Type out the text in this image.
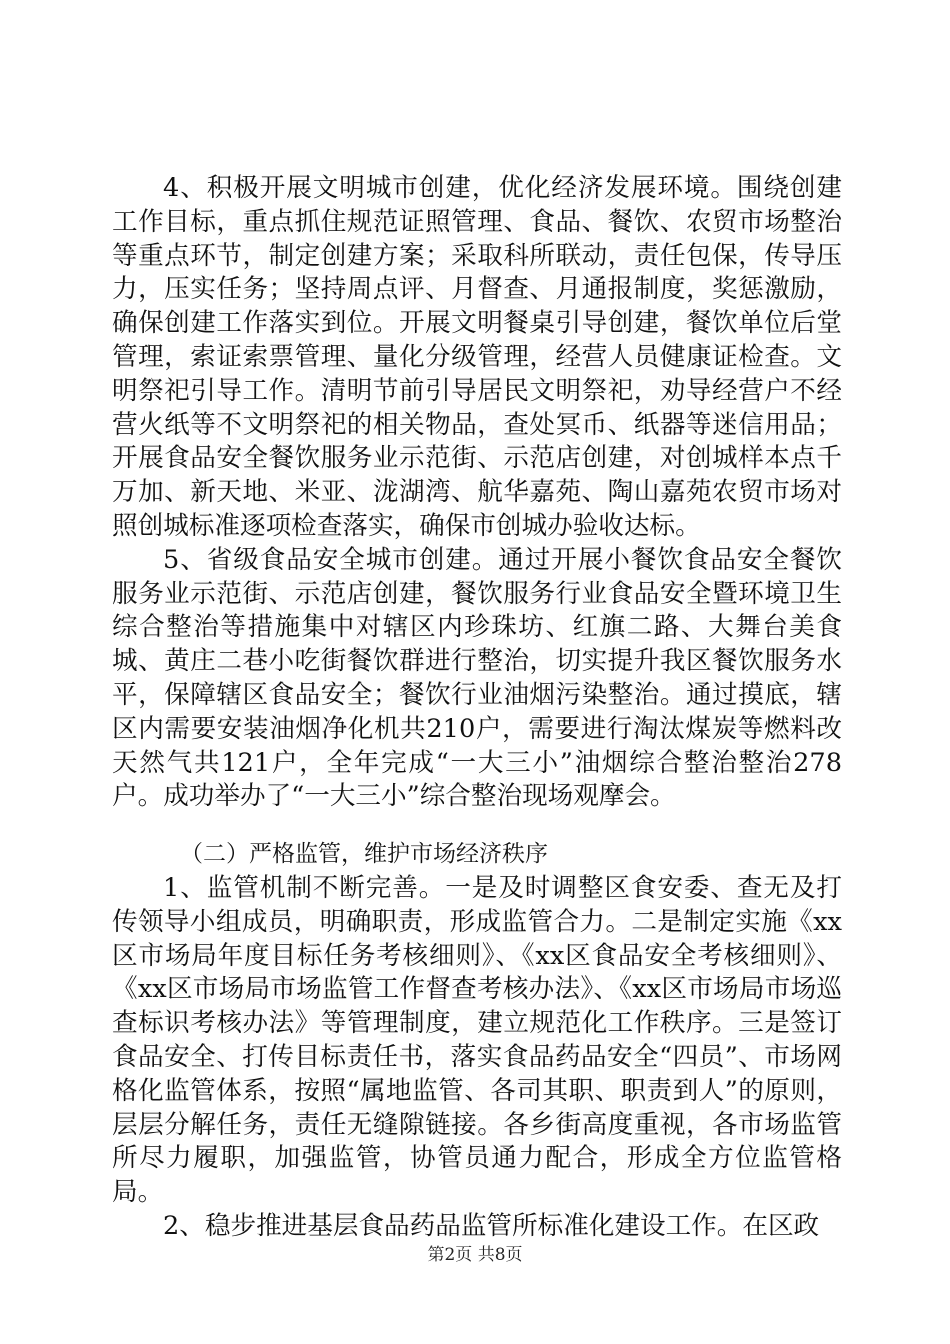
4、积极开展文明城市创建，优化经济发展环境。围绕创建工作目标，重点抓住规范证照管理、食品、餐饮、农贸市场整治等重点环节，制定创建方案；采取科所联动，责任包保，传导压力，压实任务；坚持周点评、月督查、月通报制度，奖惩激励，确保创建工作落实到位。开展文明餐桌引导创建，餐饮单位后堂管理，索证索票管理、量化分级管理，经营人员健康证检查。文明祭祀引导工作。清明节前引导居民文明祭祀，劝导经营户不经营火纸等不文明祭祀的相关物品，查处冥币、纸器等迷信用品；开展食品安全餐饮服务业示范街、示范店创建，对创城样本点千万加、新天地、米亚、泷湖湾、航华嘉苑、陶山嘉苑农贸市场对照创城标准逐项检查落实，确保市创城办验收达标。

5、省级食品安全城市创建。通过开展小餐饮食品安全餐饮服务业示范街、示范店创建，餐饮服务行业食品安全暨环境卫生综合整治等措施集中对辖区内珍珠坊、红旗二路、大舞台美食城、黄庄二巷小吃街餐饮群进行整治，切实提升我区餐饮服务水平，保障辖区食品安全；餐饮行业油烟污染整治。通过摸底，辖区内需要安装油烟净化机共210户，需要进行淘汰煤炭等燃料改天然气共121户，全年完成“一大三小”油烟综合整治整治278户。成功举办了“一大三小”综合整治现场观摩会。

（二）严格监管，维护市场经济秩序

1、监管机制不断完善。一是及时调整区食安委、查无及打传领导小组成员，明确职责，形成监管合力。二是制定实施《xx区市场局年度目标任务考核细则》、《xx区食品安全考核细则》、《xx区市场局市场监管工作督查考核办法》、《xx区市场局市场巡查标识考核办法》等管理制度，建立规范化工作秩序。三是签订食品安全、打传目标责任书，落实食品药品安全“四员”、市场网格化监管体系，按照“属地监管、各司其职、职责到人”的原则，层层分解任务，责任无缝隙链接。各乡街高度重视，各市场监管所尽力履职，加强监管，协管员通力配合，形成全方位监管格局。

2、稳步推进基层食品药品监管所标准化建设工作。在区政

第2页 共8页
